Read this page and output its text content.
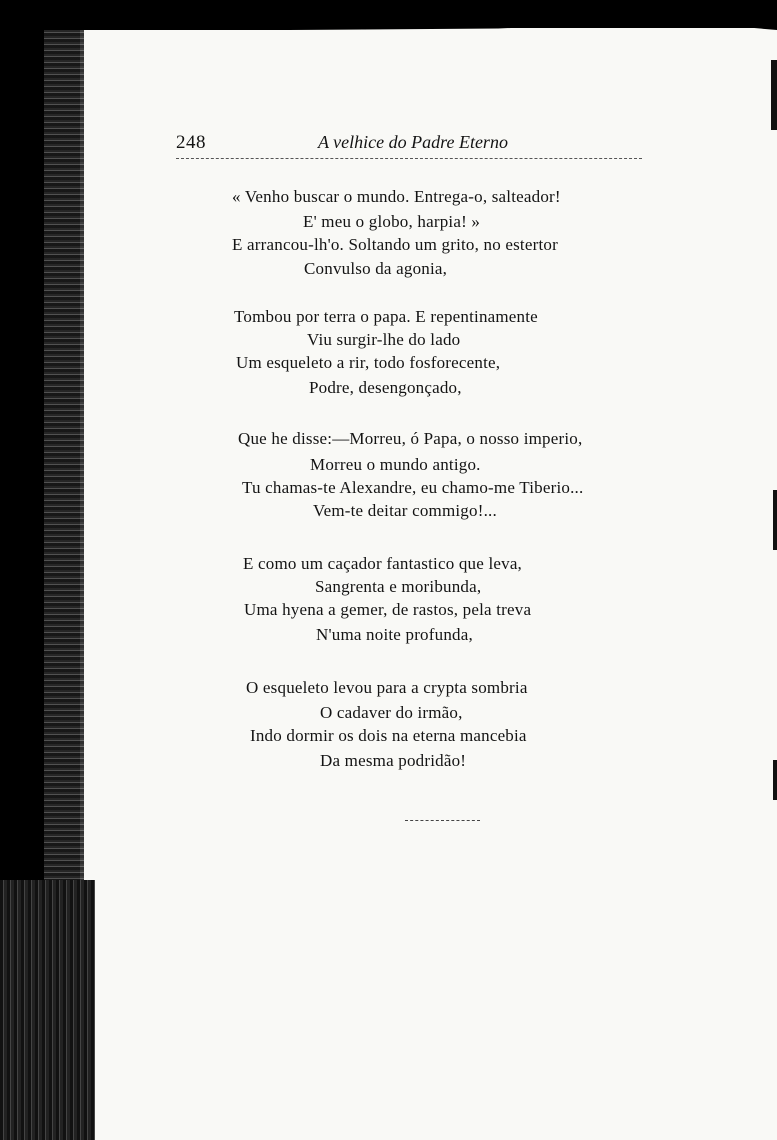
248	A velhice do Padre Eterno
« Venho buscar o mundo. Entrega-o, salteador!
E' meu o globo, harpia! »
E arrancou-lh'o. Soltando um grito, no estertor
Convulso da agonia,
Tombou por terra o papa. E repentinamente
Viu surgir-lhe do lado
Um esqueleto a rir, todo fosforecente,
Podre, desengonçado,
Que he disse:—Morreu, ó Papa, o nosso imperio,
Morreu o mundo antigo.
Tu chamas-te Alexandre, eu chamo-me Tiberio...
Vem-te deitar commigo!...
E como um caçador fantastico que leva,
Sangrenta e moribunda,
Uma hyena a gemer, de rastos, pela treva
N'uma noite profunda,
O esqueleto levou para a crypta sombria
O cadaver do irmão,
Indo dormir os dois na eterna mancebia
Da mesma podridão!
